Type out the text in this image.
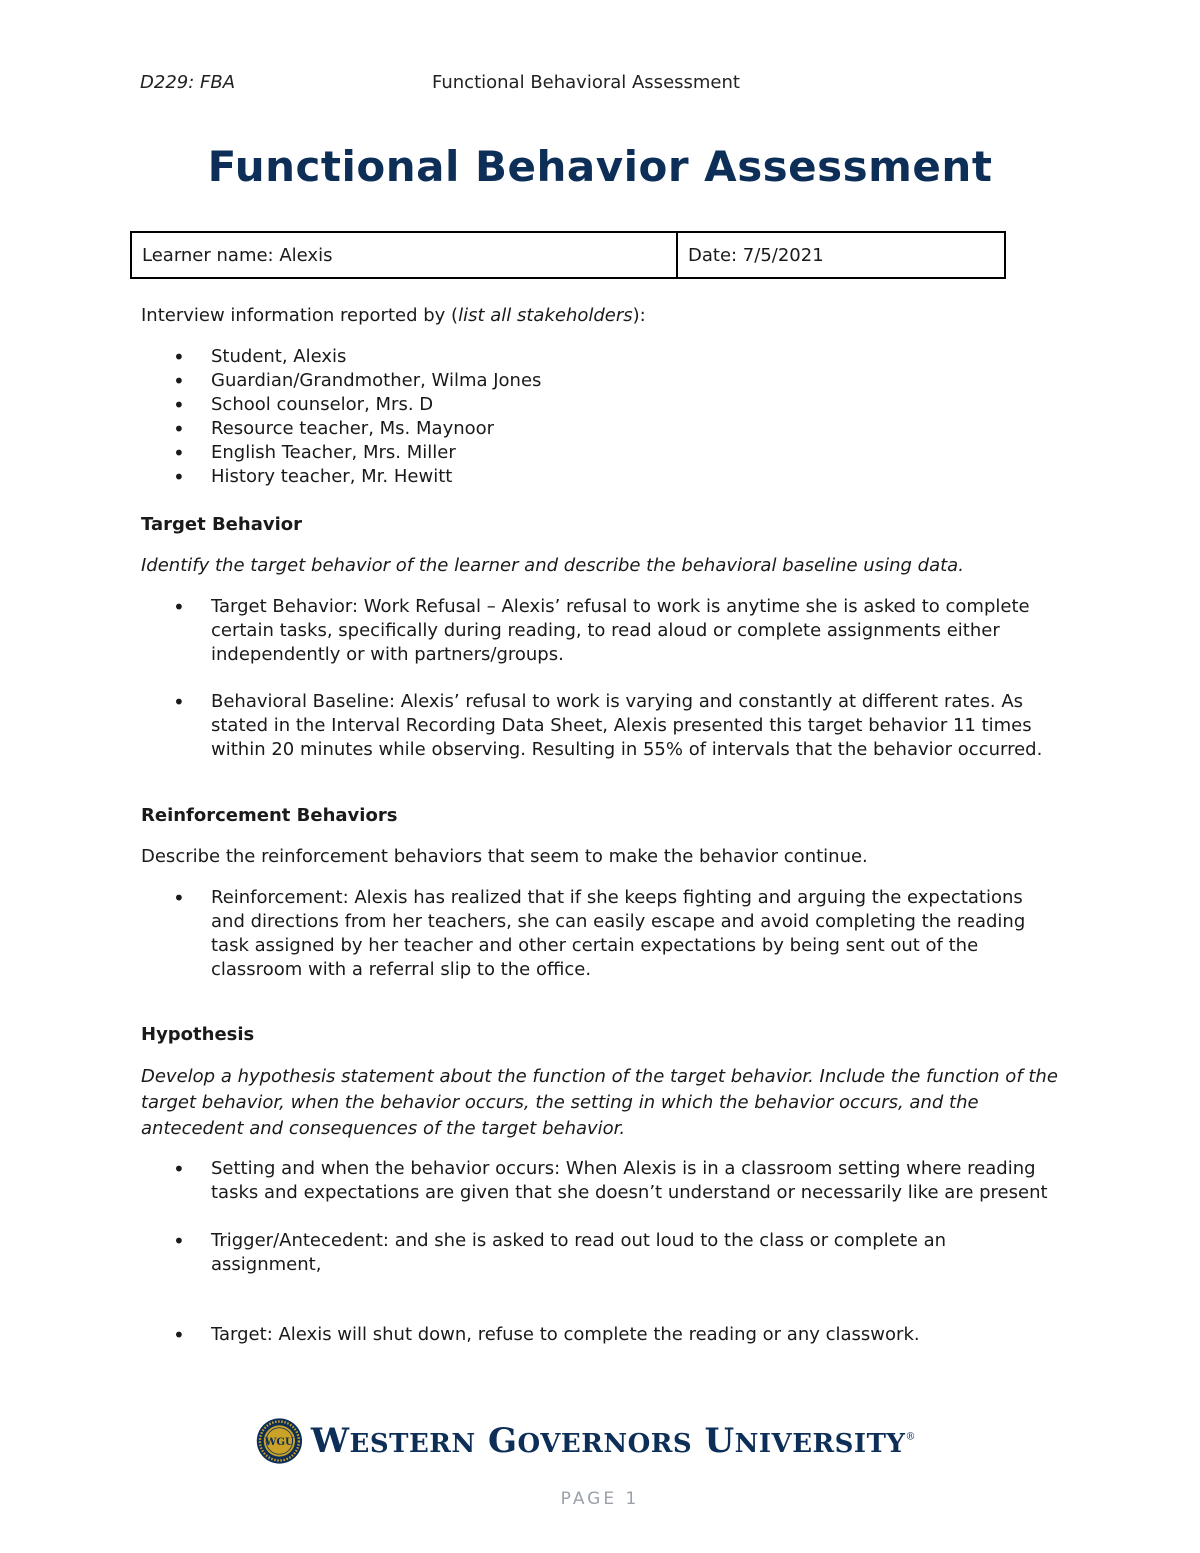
D229: FBA	Functional Behavioral Assessment
Functional Behavior Assessment
Learner name: Alexis	Date: 7/5/2021

Interview information reported by (list all stakeholders):

• Student, Alexis
• Guardian/Grandmother, Wilma Jones
• School counselor, Mrs. D
• Resource teacher, Ms. Maynoor
• English Teacher, Mrs. Miller
• History teacher, Mr. Hewitt
Target Behavior

Identify the target behavior of the learner and describe the behavioral baseline using data.

• Target Behavior: Work Refusal – Alexis’ refusal to work is anytime she is asked to complete certain tasks, specifically during reading, to read aloud or complete assignments either independently or with partners/groups.
• Behavioral Baseline: Alexis’ refusal to work is varying and constantly at different rates. As stated in the Interval Recording Data Sheet, Alexis presented this target behavior 11 times within 20 minutes while observing. Resulting in 55% of intervals that the behavior occurred.
Reinforcement Behaviors

Describe the reinforcement behaviors that seem to make the behavior continue.

• Reinforcement: Alexis has realized that if she keeps fighting and arguing the expectations and directions from her teachers, she can easily escape and avoid completing the reading task assigned by her teacher and other certain expectations by being sent out of the classroom with a referral slip to the office.
Hypothesis

Develop a hypothesis statement about the function of the target behavior. Include the function of the target behavior, when the behavior occurs, the setting in which the behavior occurs, and the antecedent and consequences of the target behavior.

• Setting and when the behavior occurs: When Alexis is in a classroom setting where reading tasks and expectations are given that she doesn’t understand or necessarily like are present
• Trigger/Antecedent: and she is asked to read out loud to the class or complete an assignment,
• Target: Alexis will shut down, refuse to complete the reading or any classwork.
WGU WESTERN GOVERNORS UNIVERSITY®
PAGE 1
